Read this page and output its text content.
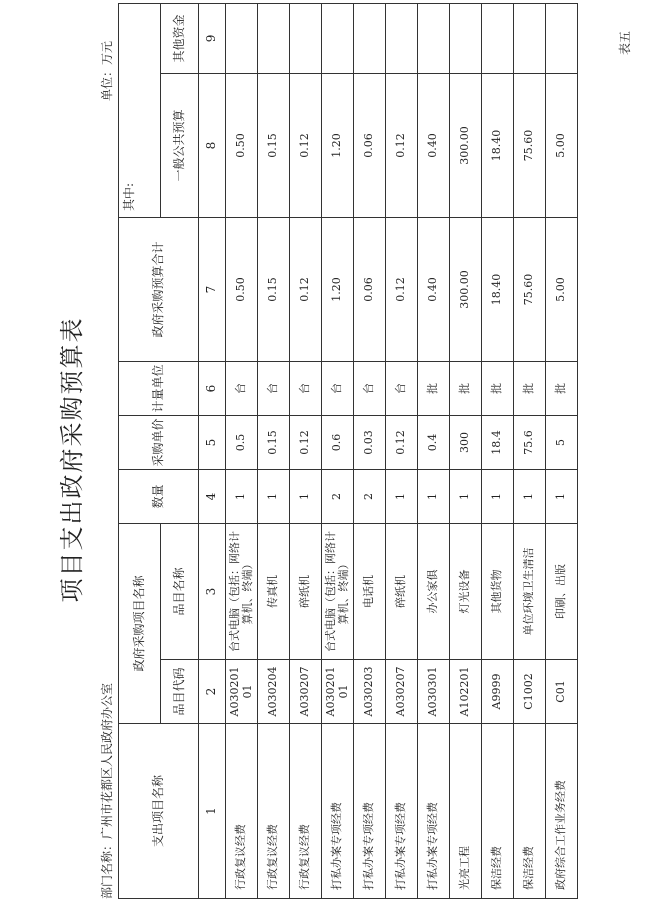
表五
项目支出政府采购预算表
部门名称：广州市花都区人民政府办公室
单位：万元
支出项目名称	政府采购项目名称		数量	采购单价	计量单位	政府采购预算合计	其中:	
	品目代码	品目名称					一般公共预算	其他资金
1	2	3	4	5	6	7	8	9
行政复议经费	A030201​01	台式电脑（包括：网络计算机、终端）	1	0.5	台	0.50	0.50	
行政复议经费	A030204	传真机	1	0.15	台	0.15	0.15	
行政复议经费	A030207	碎纸机	1	0.12	台	0.12	0.12	
打私办案专项经费	A030201​01	台式电脑（包括：网络计算机、终端）	2	0.6	台	1.20	1.20	
打私办案专项经费	A030203	电话机	2	0.03	台	0.06	0.06	
打私办案专项经费	A030207	碎纸机	1	0.12	台	0.12	0.12	
打私办案专项经费	A030301	办公家俱	1	0.4	批	0.40	0.40	
光亮工程	A102201	灯光设备	1	300	批	300.00	300.00	
保洁经费	A9999	其他货物	1	18.4	批	18.40	18.40	
保洁经费	C1002	单位环境卫生清洁	1	75.6	批	75.60	75.60	
政府综合工作业务经费	C01	印刷、出版	1	5	批	5.00	5.00	
